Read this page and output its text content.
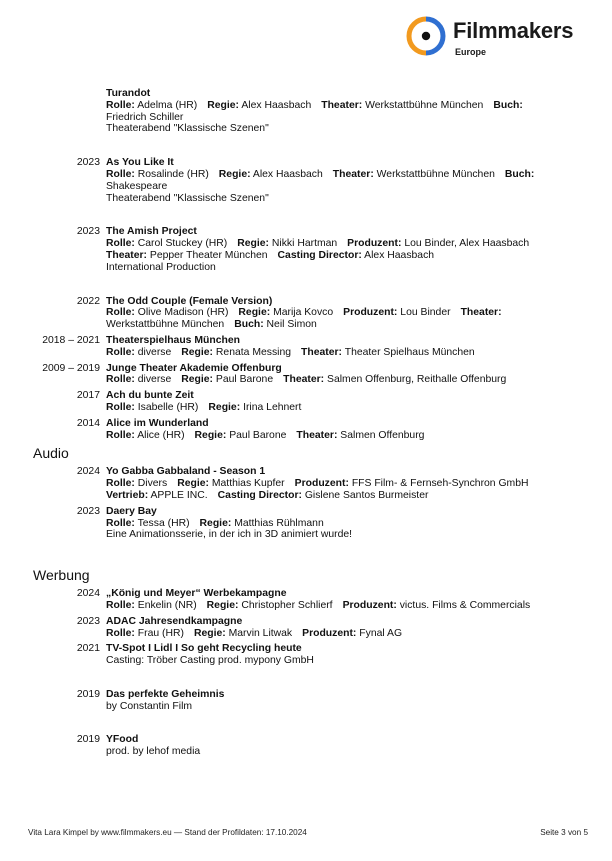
Filmmakers
Europe
Turandot
Rolle: Adelma (HR) Regie: Alex Haasbach Theater: Werkstattbühne München Buch:
Friedrich Schiller
Theaterabend "Klassische Szenen"
2023 As You Like It
Rolle: Rosalinde (HR) Regie: Alex Haasbach Theater: Werkstattbühne München Buch:
Shakespeare
Theaterabend "Klassische Szenen"
2023 The Amish Project
Rolle: Carol Stuckey (HR) Regie: Nikki Hartman Produzent: Lou Binder, Alex Haasbach
Theater: Pepper Theater München Casting Director: Alex Haasbach
International Production
2022 The Odd Couple (Female Version)
Rolle: Olive Madison (HR) Regie: Marija Kovco Produzent: Lou Binder Theater:
Werkstattbühne München Buch: Neil Simon
2018 – 2021 Theaterspielhaus München
Rolle: diverse Regie: Renata Messing Theater: Theater Spielhaus München
2009 – 2019 Junge Theater Akademie Offenburg
Rolle: diverse Regie: Paul Barone Theater: Salmen Offenburg, Reithalle Offenburg
2017 Ach du bunte Zeit
Rolle: Isabelle (HR) Regie: Irina Lehnert
2014 Alice im Wunderland
Rolle: Alice (HR) Regie: Paul Barone Theater: Salmen Offenburg
Audio
2024 Yo Gabba Gabbaland - Season 1
Rolle: Divers Regie: Matthias Kupfer Produzent: FFS Film- & Fernseh-Synchron GmbH
Vertrieb: APPLE INC. Casting Director: Gislene Santos Burmeister
2023 Daery Bay
Rolle: Tessa (HR) Regie: Matthias Rühlmann
Eine Animationsserie, in der ich in 3D animiert wurde!
Werbung
2024 „König und Meyer“ Werbekampagne
Rolle: Enkelin (NR) Regie: Christopher Schlierf Produzent: victus. Films & Commercials
2023 ADAC Jahresendkampagne
Rolle: Frau (HR) Regie: Marvin Litwak Produzent: Fynal AG
2021 TV-Spot I Lidl I So geht Recycling heute
Casting: Tröber Casting prod. mypony GmbH
2019 Das perfekte Geheimnis
by Constantin Film
2019 YFood
prod. by lehof media
Vita Lara Kimpel by www.filmmakers.eu — Stand der Profildaten: 17.10.2024	Seite 3 von 5
